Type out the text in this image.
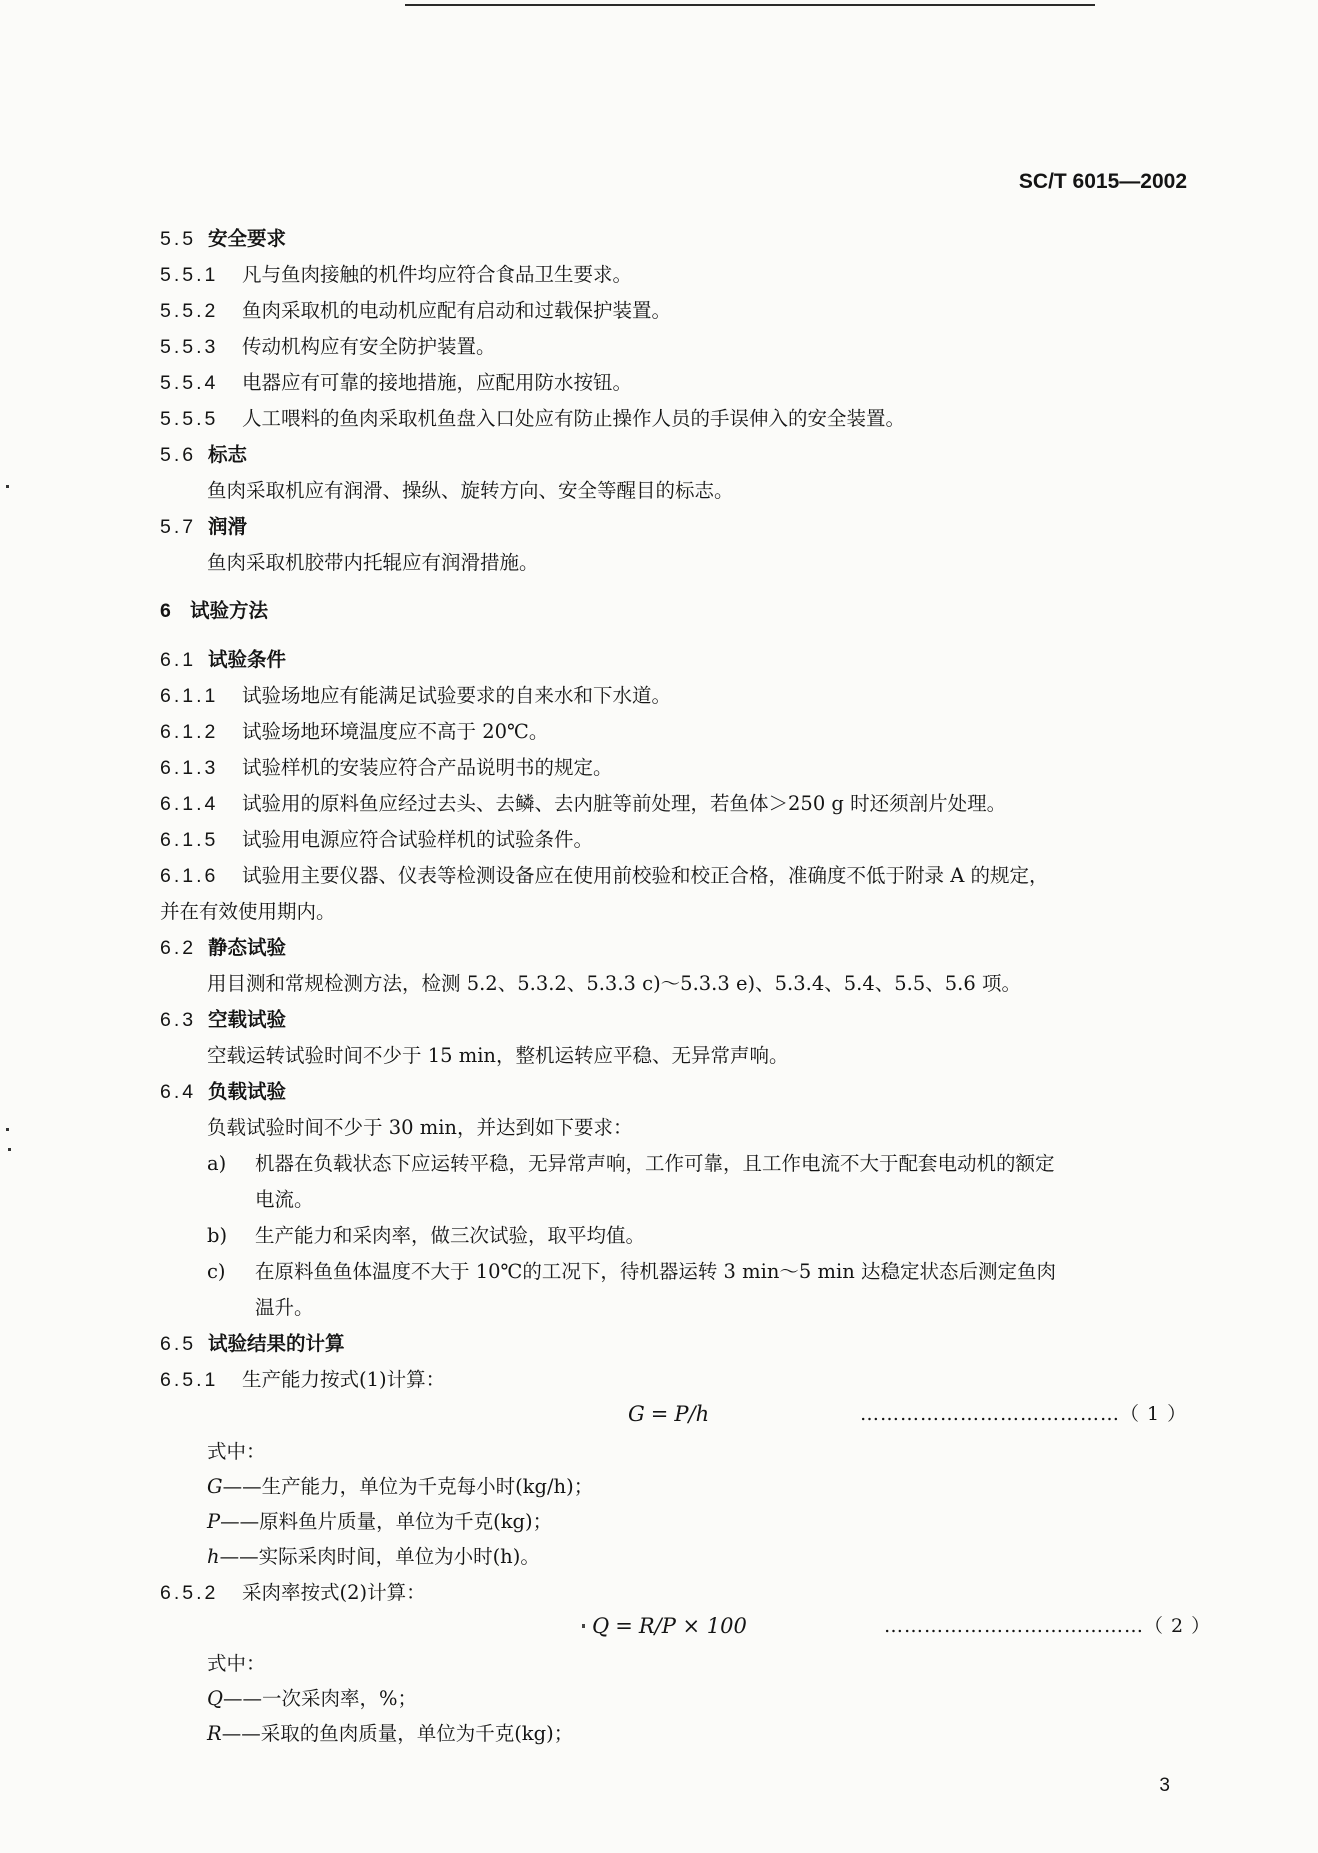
SC/T 6015—2002
5.5 安全要求
5.5.1 凡与鱼肉接触的机件均应符合食品卫生要求。
5.5.2 鱼肉采取机的电动机应配有启动和过载保护装置。
5.5.3 传动机构应有安全防护装置。
5.5.4 电器应有可靠的接地措施，应配用防水按钮。
5.5.5 人工喂料的鱼肉采取机鱼盘入口处应有防止操作人员的手误伸入的安全装置。
5.6 标志
鱼肉采取机应有润滑、操纵、旋转方向、安全等醒目的标志。
5.7 润滑
鱼肉采取机胶带内托辊应有润滑措施。
6 试验方法
6.1 试验条件
6.1.1 试验场地应有能满足试验要求的自来水和下水道。
6.1.2 试验场地环境温度应不高于 20℃。
6.1.3 试验样机的安装应符合产品说明书的规定。
6.1.4 试验用的原料鱼应经过去头、去鳞、去内脏等前处理，若鱼体＞250 g 时还须剖片处理。
6.1.5 试验用电源应符合试验样机的试验条件。
6.1.6 试验用主要仪器、仪表等检测设备应在使用前校验和校正合格，准确度不低于附录 A 的规定，
并在有效使用期内。
6.2 静态试验
用目测和常规检测方法，检测 5.2、5.3.2、5.3.3 c)～5.3.3 e)、5.3.4、5.4、5.5、5.6 项。
6.3 空载试验
空载运转试验时间不少于 15 min，整机运转应平稳、无异常声响。
6.4 负载试验
负载试验时间不少于 30 min，并达到如下要求：
a) 机器在负载状态下应运转平稳，无异常声响，工作可靠，且工作电流不大于配套电动机的额定
电流。
b) 生产能力和采肉率，做三次试验，取平均值。
c) 在原料鱼鱼体温度不大于 10℃的工况下，待机器运转 3 min～5 min 达稳定状态后测定鱼肉
温升。
6.5 试验结果的计算
6.5.1 生产能力按式(1)计算：
G = P/h	…………………………………（ 1 ）
式中：
G——生产能力，单位为千克每小时(kg/h)；
P——原料鱼片质量，单位为千克(kg)；
h——实际采肉时间，单位为小时(h)。
6.5.2 采肉率按式(2)计算：
Q = R/P × 100	…………………………………（ 2 ）
式中：
Q——一次采肉率，%；
R——采取的鱼肉质量，单位为千克(kg)；
3
